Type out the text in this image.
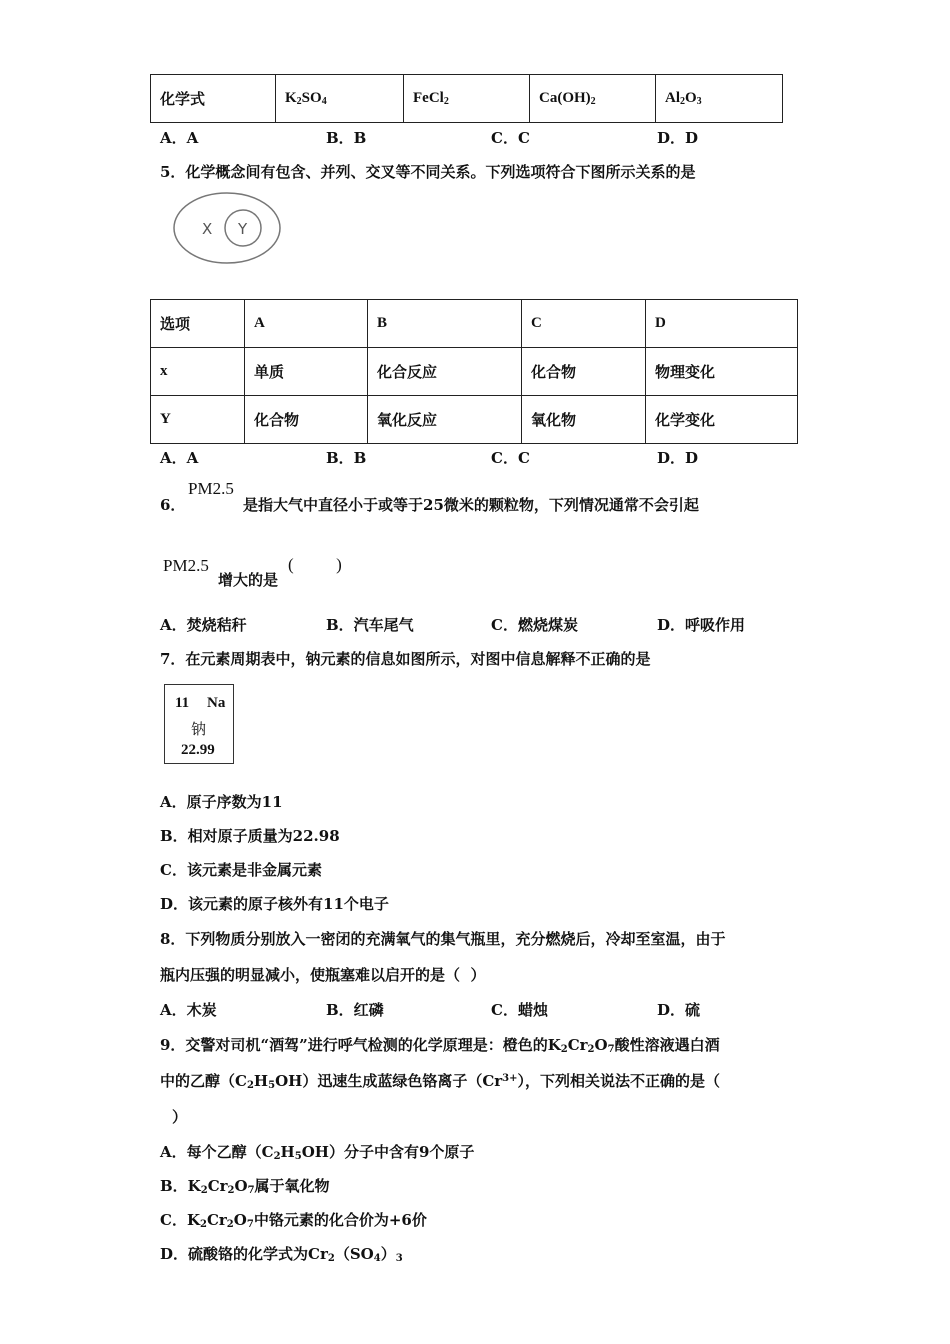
化学式	$K_2SO_4$	FeCl$_2$	$Ca(OH)_2$	$Al_2O_3$
A．A	B．B	C．C	D．D
5．化学概念间有包含、并列、交叉等不同关系。下列选项符合下图所示关系的是
X Y
选项	A	B	C	D
x	单质	化合反应	化合物	物理变化
Y	化合物	氧化反应	氧化物	化学变化
A．A	B．B	C．C	D．D
6．
PM2.5
是指大气中直径小于或等于25微米的颗粒物，下列情况通常不会引起
PM2.5
增大的是
(          )
A．焚烧秸秆	B．汽车尾气	C．燃烧煤炭	D．呼吸作用
7．在元素周期表中，钠元素的信息如图所示，对图中信息解释不正确的是
11 Na
钠
22.99
A．原子序数为11
B．相对原子质量为22.98
C．该元素是非金属元素
D．该元素的原子核外有11个电子
8．下列物质分别放入一密闭的充满氧气的集气瓶里，充分燃烧后，冷却至室温，由于
瓶内压强的明显减小，使瓶塞难以启开的是（  ）
A．木炭	B．红磷	C．蜡烛	D．硫
9．交警对司机“酒驾”进行呼气检测的化学原理是：橙色的$K_2Cr_2O_7$酸性溶液遇白酒
中的乙醇$(C_2H_5OH)$迅速生成蓝绿色铬离子$(Cr^{3+})$，下列相关说法不正确的是（
）
A．每个乙醇$(C_2H_5OH)$分子中含有9个原子
B．$K_2Cr_2O_7$属于氧化物
C．$K_2Cr_2O_7$中铬元素的化合价为+6价
D．硫酸铬的化学式为$Cr_2(SO_4)_3$
